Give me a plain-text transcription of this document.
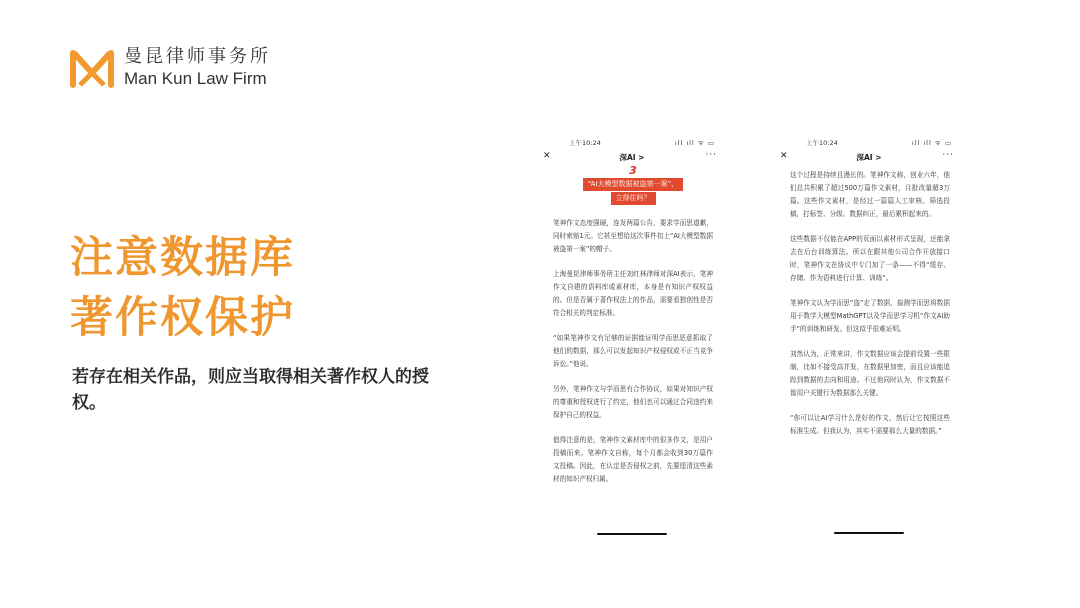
曼昆律师事务所
Man Kun Law Firm
注意数据库
著作权保护
若存在相关作品，则应当取得相关著作权人的授权。
上午10:24	ıll ıll ᯤ ▭
✕	深AI >	···
3
“AI大模型数据被盗第一案”，
立得住吗？

笔神作文态度强硬，连发两篇公告，要求学而思道歉，同时索赔1元。它甚至想给这次事件扣上“AI大模型数据被盗第一案”的帽子。

上海曼昆律师事务所主任刘红林律师对深AI表示，笔神作文自建的语料库或素材库，本身是有知识产权权益的。但是否属于著作权法上的作品，需要看独创性是否符合相关的判定标准。

“如果笔神作文有足够的证据能证明学而思恶意抓取了他们的数据，那么可以发起知识产权侵权或不正当竞争诉讼。”他说。

另外，笔神作文与学而思有合作协议，如果对知识产权的尊重和授权进行了约定，他们也可以通过合同违约来保护自己的权益。

值得注意的是，笔神作文素材库中的很多作文，是用户投稿而来。笔神作文自称，每个月都会收到30万篇作文投稿。因此，在认定是否侵权之前，先要厘清这些素材的知识产权归属。

上午10:24	ıll ıll ᯤ ▭
✕	深AI >	···

这个过程是持续且漫长的。笔神作文称，创业六年，他们总共积累了超过500万篇作文素材，月批改量超3万篇。这些作文素材，是经过一篇篇人工审核、筛选投稿，打标签、分级、数据纠正，最后累积起来的。

这些数据不仅能在APP的页面以素材形式呈现，还能拿去在后台训练算法。所以在跟其他公司合作开放接口时，笔神作文在协议中专门加了一条——不得“缓存、存储、作为语料进行计算、训练”。

笔神作文认为学而思“盗”走了数据，揣测学而思将数据用于数学大模型MathGPT以及学而思学习机“作文AI助手”的训练和研发。但这似乎很难证明。

刘然认为，正常来讲，作文数据应该会提前设置一些限制，比如不接受高并发，在数据里加密，而且应该能追踪到数据的去向和用途。不过他同时认为，作文数据不像用户关键行为数据那么关键。

“你可以让AI学习什么是好的作文，然后让它按照这些标准生成。但我认为，其实不需要那么大量的数据。”
